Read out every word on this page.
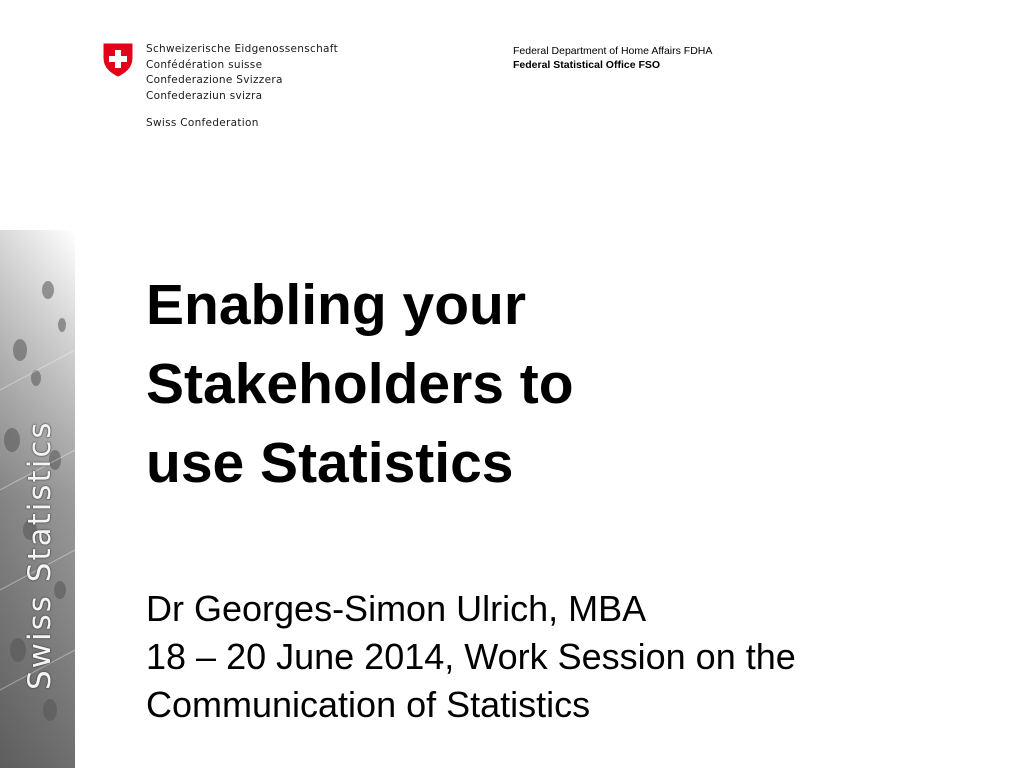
Schweizerische Eidgenossenschaft
Confédération suisse
Confederazione Svizzera
Confederaziun svizra
Swiss Confederation
Federal Department of Home Affairs FDHA
Federal Statistical Office FSO
Swiss Statistics
Enabling your
Stakeholders to
use Statistics
Dr Georges-Simon Ulrich, MBA
18 – 20 June 2014, Work Session on the
Communication of Statistics
